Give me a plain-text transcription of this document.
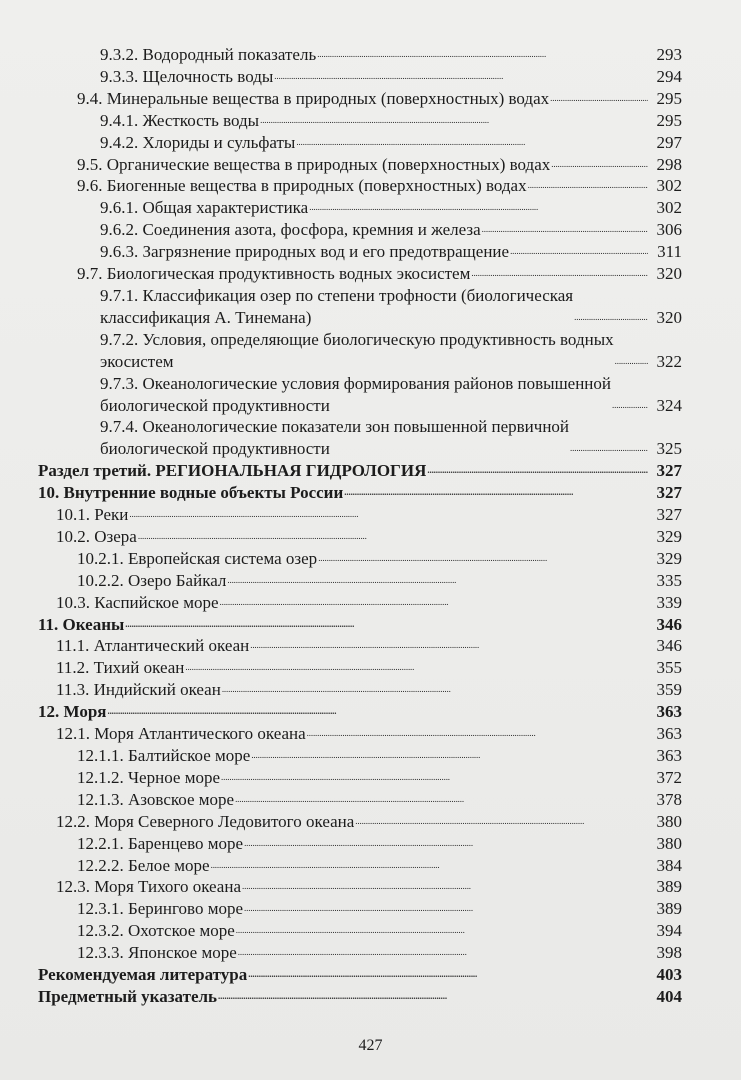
9.3.2. Водородный показатель . . .	293
9.3.3. Щелочность воды . . .	294
9.4. Минеральные вещества в природных (поверхностных) водах . . .	295
9.4.1. Жесткость воды . . .	295
9.4.2. Хлориды и сульфаты . . .	297
9.5. Органические вещества в природных (поверхностных) водах . . .	298
9.6. Биогенные вещества в природных (поверхностных) водах . . .	302
9.6.1. Общая характеристика . . .	302
9.6.2. Соединения азота, фосфора, кремния и железа . . .	306
9.6.3. Загрязнение природных вод и его предотвращение . . .	311
9.7. Биологическая продуктивность водных экосистем . . .	320
9.7.1. Классификация озер по степени трофности (биологическая
классификация А. Тинемана) . . .	320
9.7.2. Условия, определяющие биологическую продуктивность водных
экосистем . . .	322
9.7.3. Океанологические условия формирования районов повышенной
биологической продуктивности . . .	324
9.7.4. Океанологические показатели зон повышенной первичной
биологической продуктивности . . .	325
Раздел третий. РЕГИОНАЛЬНАЯ ГИДРОЛОГИЯ . . .	327
10. Внутренние водные объекты России . . .	327
10.1. Реки . . .	327
10.2. Озера . . .	329
10.2.1. Европейская система озер . . .	329
10.2.2. Озеро Байкал . . .	335
10.3. Каспийское море . . .	339
11. Океаны . . .	346
11.1. Атлантический океан . . .	346
11.2. Тихий океан . . .	355
11.3. Индийский океан . . .	359
12. Моря . . .	363
12.1. Моря Атлантического океана . . .	363
12.1.1. Балтийское море . . .	363
12.1.2. Черное море . . .	372
12.1.3. Азовское море . . .	378
12.2. Моря Северного Ледовитого океана . . .	380
12.2.1. Баренцево море . . .	380
12.2.2. Белое море . . .	384
12.3. Моря Тихого океана . . .	389
12.3.1. Берингово море . . .	389
12.3.2. Охотское море . . .	394
12.3.3. Японское море . . .	398
Рекомендуемая литература . . .	403
Предметный указатель . . .	404
427
